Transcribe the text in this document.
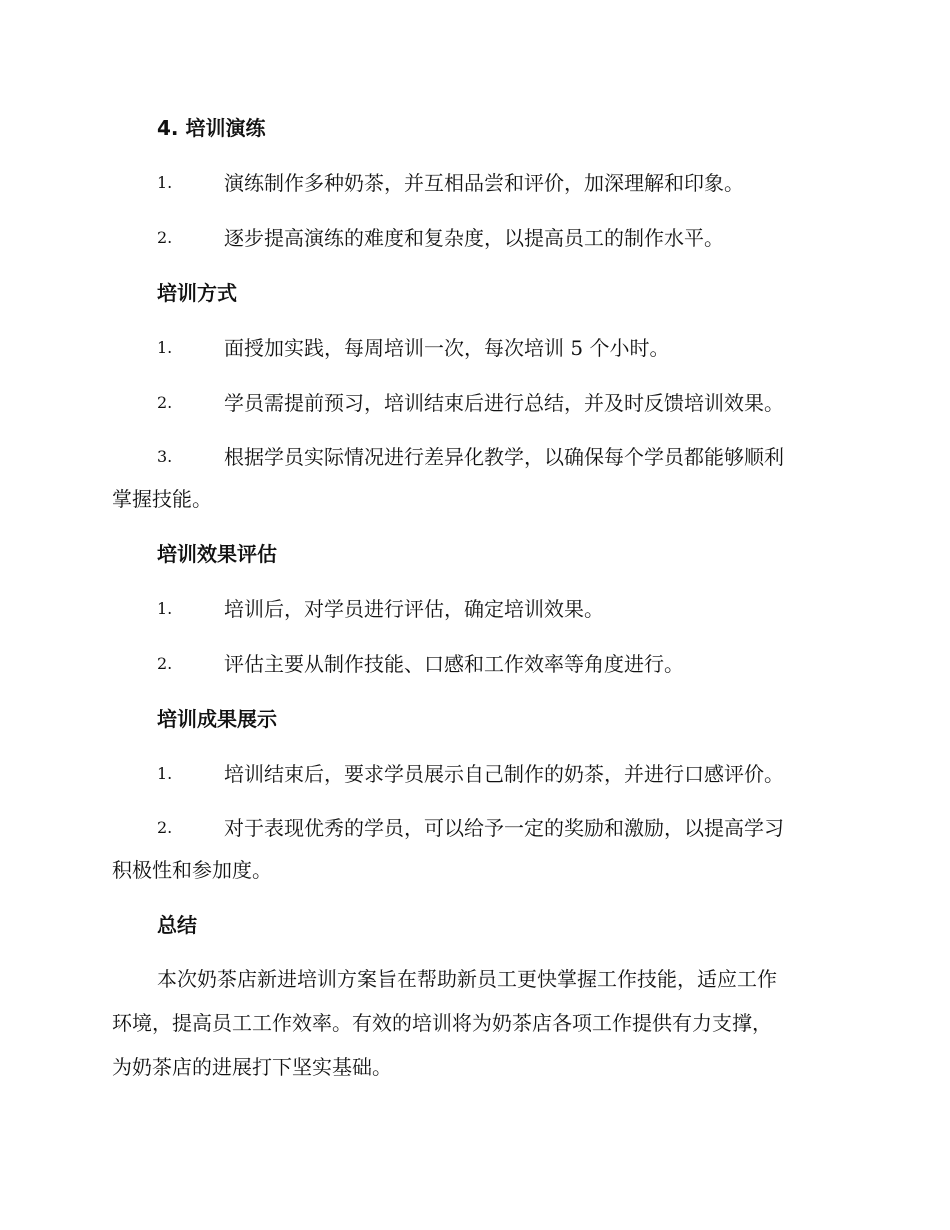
4. 培训演练
1.	演练制作多种奶茶，并互相品尝和评价，加深理解和印象。
2.	逐步提高演练的难度和复杂度，以提高员工的制作水平。
培训方式
1.	面授加实践，每周培训一次，每次培训 5 个小时。
2.	学员需提前预习，培训结束后进行总结，并及时反馈培训效果。
3.	根据学员实际情况进行差异化教学，以确保每个学员都能够顺利
掌握技能。
培训效果评估
1.	培训后，对学员进行评估，确定培训效果。
2.	评估主要从制作技能、口感和工作效率等角度进行。
培训成果展示
1.	培训结束后，要求学员展示自己制作的奶茶，并进行口感评价。
2.	对于表现优秀的学员，可以给予一定的奖励和激励，以提高学习
积极性和参加度。
总结
本次奶茶店新进培训方案旨在帮助新员工更快掌握工作技能，适应工作
环境，提高员工工作效率。有效的培训将为奶茶店各项工作提供有力支撑，
为奶茶店的进展打下坚实基础。
